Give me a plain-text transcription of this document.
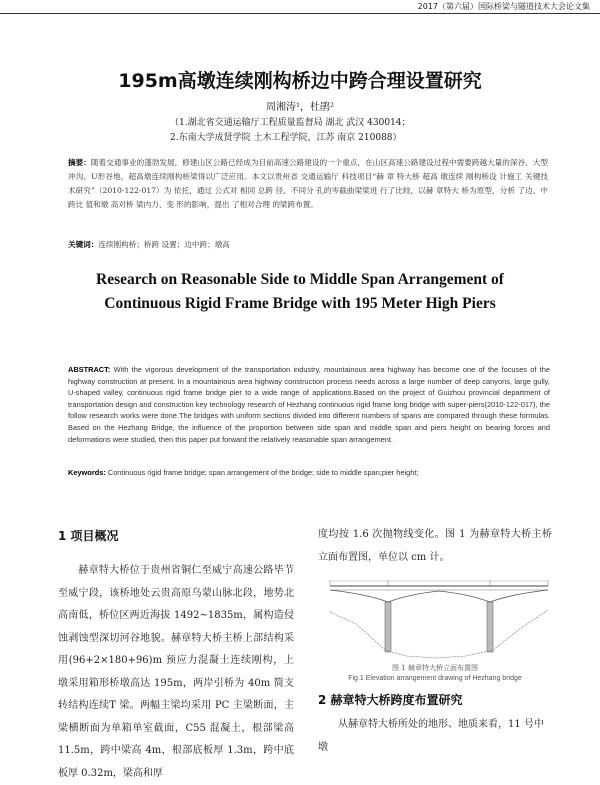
2017（第六届）国际桥梁与隧道技术大会论文集
195m高墩连续刚构桥边中跨合理设置研究
周湘涛¹，杜鹃²
（1.湖北省交通运输厅工程质量监督局 湖北 武汉 430014；
2.东南大学成贤学院 土木工程学院，江苏 南京 210088）
摘要：随着交通事业的蓬勃发展，修建山区公路已经成为目前高速公路建设的一个重点，在山区高速公路建设过程中需要跨越大量的深谷、大型冲沟、U形谷地，超高墩连续刚构桥梁得以广泛应用。本文以贵州省 交通运输厅 科技项目“赫 章 特大桥 超高 墩连续 刚构桥设 计施工 关键技 术研究”（2010-122-017）为 依托，通过 公式对 相同 总跨 径、不同分 孔的岑截曲梁梁进 行了比较，以赫 章特大 桥为原型，分析 了边、中跨比 值和墩 高对桥 梁内力、变 形的影响，提出 了相对合理 的梁跨布置。
关键词：连续刚构桥；桥跨 设置；边中跨；墩高
Research on Reasonable Side to Middle Span Arrangement of
Continuous Rigid Frame Bridge with 195 Meter High Piers
ABSTRACT: With the vigorous development of the transportation industry, mountainous area highway has become one of the focuses of the highway construction at present. In a mountainous area highway construction process needs across a large number of deep canyons, large gully, U-shaped valley, continuous rigid frame bridge pier to a wide range of applications.Based on the project of Guizhou provincial department of transportation design and construction key technology research of Hezhang continuous rigid frame long bridge with super-piers(2010-122-017), the follow research works were done.The bridges with uniform sections divided into different numbers of spans are compared through these formulas. Based on the Hezhang Bridge, the influence of the proportion between side span and middle span and piers height on bearing forces and deformations were studied, then this paper put forward the relatively reasonable span arrangement.
Keywords: Continuous rigid frame bridge; span arrangement of the bridge; side to middle span;pier height;
1 项目概况
赫章特大桥位于贵州省铜仁至威宁高速公路毕节至威宁段，该桥地处云贵高原乌蒙山脉北段，地势北高南低，桥位区两近海拔 1492~1835m，属构造侵蚀剥蚀型深切河谷地貌。赫章特大桥主桥上部结构采用(96+2×180+96)m 预应力混凝土连续刚构，上墩采用箱形桥墩高达 195m，两岸引桥为 40m 简支转结构连续T 梁。两幅主梁均采用 PC 主梁断面，主梁横断面为单箱单室截面，C55 混凝土，根部梁高 11.5m，跨中梁高 4m，根部底板厚 1.3m，跨中底板厚 0.32m，梁高和厚
度均按 1.6 次抛物线变化。图 1 为赫章特大桥主桥立面布置图，单位以 cm 计。
图 1 赫章特大桥立面布置图
Fig.1 Elevation arrangement drawing of Hezhang bridge
2 赫章特大桥跨度布置研究
从赫章特大桥所处的地形、地质来看，11 号中墩
